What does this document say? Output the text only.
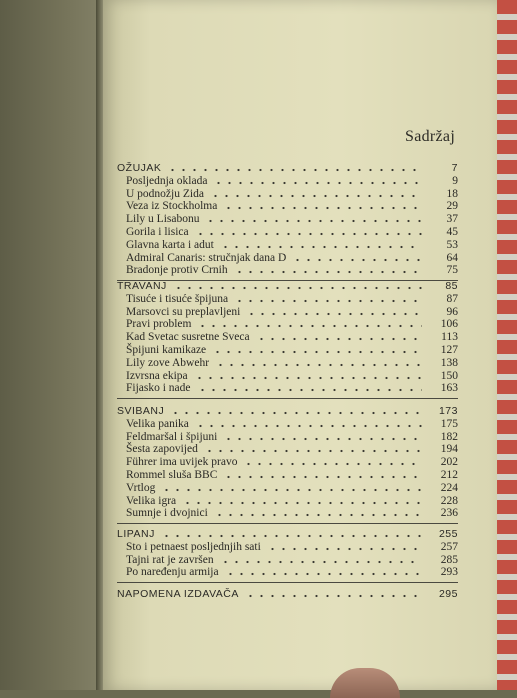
Sadržaj
OŽUJAK	7
Posljednja oklada	9
U podnožju Zida	18
Veza iz Stockholma	29
Lily u Lisabonu	37
Gorila i lisica	45
Glavna karta i adut	53
Admiral Canaris: stručnjak dana D	64
Bradonje protiv Crnih	75
TRAVANJ	85
Tisuće i tisuće špijuna	87
Marsovci su preplavljeni	96
Pravi problem	106
Kad Svetac susretne Sveca	113
Špijuni kamikaze	127
Lily zove Abwehr	138
Izvrsna ekipa	150
Fijasko i nade	163
SVIBANJ	173
Velika panika	175
Feldmaršal i špijuni	182
Šesta zapovijed	194
Führer ima uvijek pravo	202
Rommel sluša BBC	212
Vrtlog	224
Velika igra	228
Sumnje i dvojnici	236
LIPANJ	255
Sto i petnaest posljednjih sati	257
Tajni rat je završen	285
Po naređenju armija	293
NAPOMENA IZDAVAČA	295
